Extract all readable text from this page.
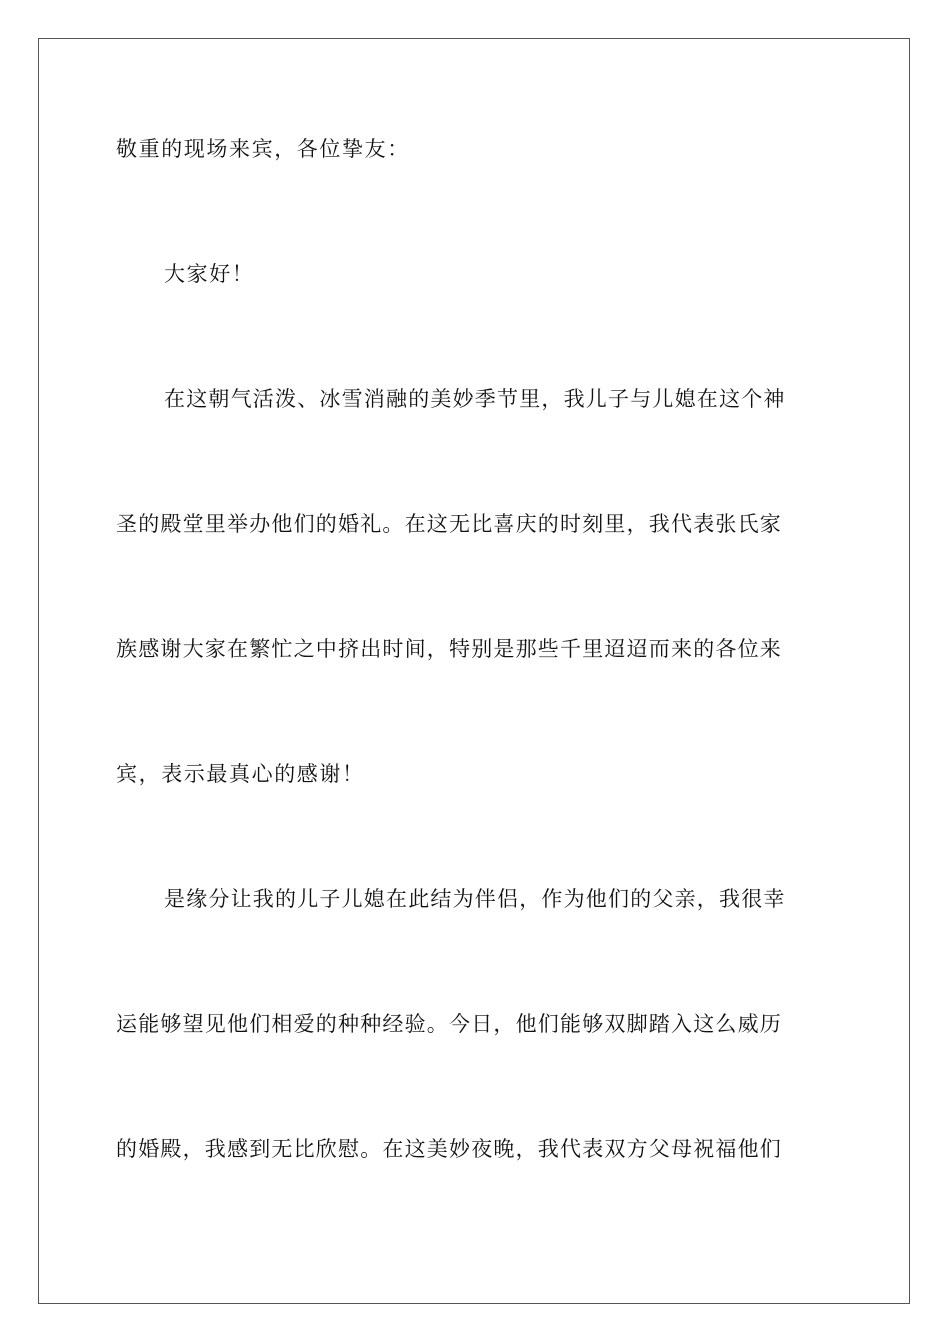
敬重的现场来宾，各位挚友：
大家好！
在这朝气活泼、冰雪消融的美妙季节里，我儿子与儿媳在这个神
圣的殿堂里举办他们的婚礼。在这无比喜庆的时刻里，我代表张氏家
族感谢大家在繁忙之中挤出时间，特别是那些千里迢迢而来的各位来
宾，表示最真心的感谢！
是缘分让我的儿子儿媳在此结为伴侣，作为他们的父亲，我很幸
运能够望见他们相爱的种种经验。今日，他们能够双脚踏入这么威历
的婚殿，我感到无比欣慰。在这美妙夜晚，我代表双方父母祝福他们
